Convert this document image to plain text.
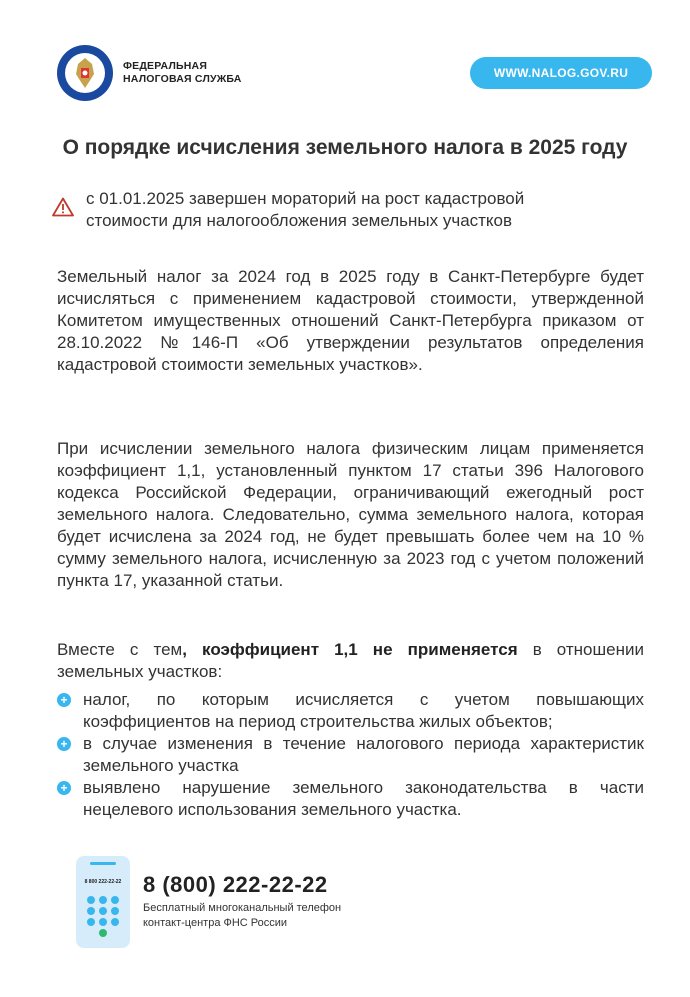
ФЕДЕРАЛЬНАЯ
НАЛОГОВАЯ СЛУЖБА	WWW.NALOG.GOV.RU
О порядке исчисления земельного налога в 2025 году
с 01.01.2025 завершен мораторий на рост кадастровой стоимости для налогообложения земельных участков

Земельный налог за 2024 год в 2025 году в Санкт-Петербурге будет исчисляться с применением кадастровой стоимости, утвержденной Комитетом имущественных отношений Санкт-Петербурга приказом от 28.10.2022 №146-П «Об утверждении результатов определения кадастровой стоимости земельных участков».

При исчислении земельного налога физическим лицам применяется коэффициент 1,1, установленный пунктом 17 статьи 396 Налогового кодекса Российской Федерации, ограничивающий ежегодный рост земельного налога. Следовательно, сумма земельного налога, которая будет исчислена за 2024 год, не будет превышать более чем на 10 % сумму земельного налога, исчисленную за 2023 год с учетом положений пункта 17, указанной статьи.

Вместе с тем, коэффициент 1,1 не применяется в отношении земельных участков:

+ налог, по которым исчисляется с учетом повышающих коэффициентов на период строительства жилых объектов;
+ в случае изменения в течение налогового периода характеристик земельного участка
+ выявлено нарушение земельного законодательства в части нецелевого использования земельного участка.
8 800 222-22-22 8 (800) 222-22-22
Бесплатный многоканальный телефон
контакт-центра ФНС России
